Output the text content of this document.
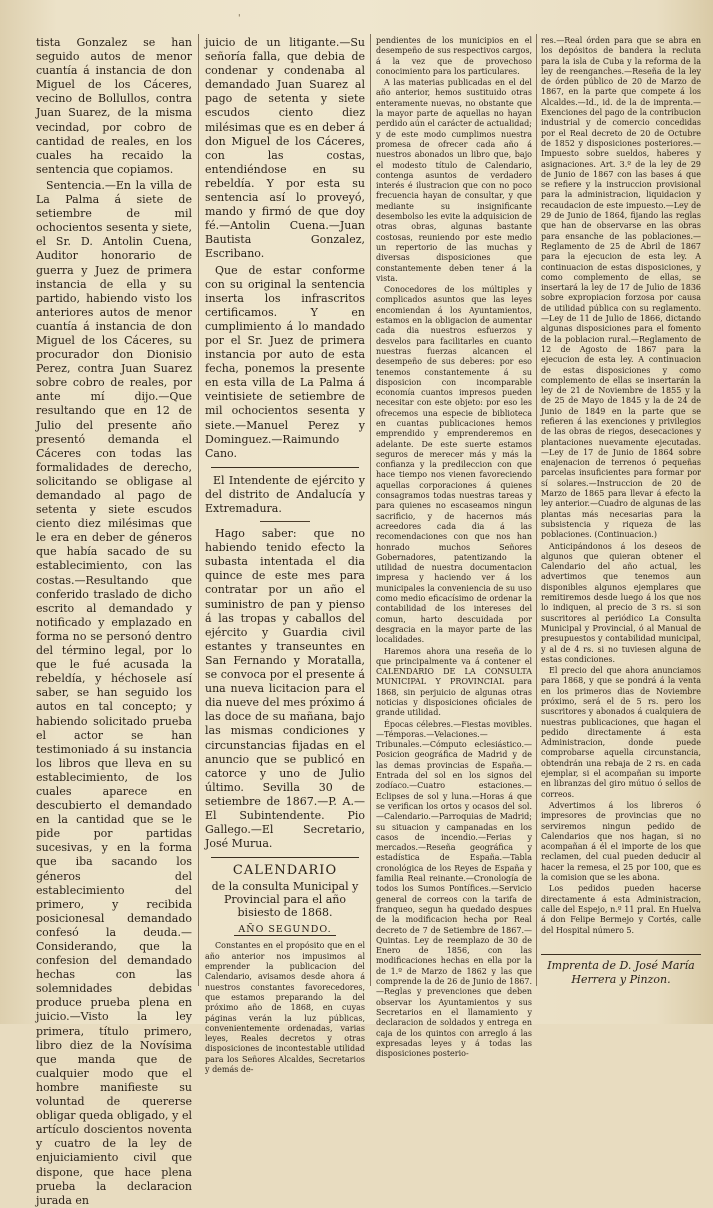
'

tista Gonzalez se han seguido autos de menor cuantía á instancia de don Miguel de los Cáceres, vecino de Bollullos, contra Juan Suarez, de la misma vecindad, por cobro de cantidad de reales, en los cuales ha recaido la sentencia que copiamos.

Sentencia.—En la villa de La Palma á siete de setiembre de mil ochocientos sesenta y siete, el Sr. D. Antolin Cuena, Auditor honorario de guerra y Juez de primera instancia de ella y su partido, habiendo visto los anteriores autos de menor cuantía á instancia de don Miguel de los Cáceres, su procurador don Dionisio Perez, contra Juan Suarez sobre cobro de reales, por ante mí dijo.—Que resultando que en 12 de Julio del presente año presentó demanda el Cáceres con todas las formalidades de derecho, solicitando se obligase al demandado al pago de setenta y siete escudos ciento diez milésimas que le era en deber de géneros que había sacado de su establecimiento, con las costas.—Resultando que conferido traslado de dicho escrito al demandado y notificado y emplazado en forma no se personó dentro del término legal, por lo que le fué acusada la rebeldía, y héchosele así saber, se han seguido los autos en tal concepto; y habiendo solicitado prueba el actor se han testimoniado á su instancia los libros que lleva en su establecimiento, de los cuales aparece en descubierto el demandado en la cantidad que se le pide por partidas sucesivas, y en la forma que iba sacando los géneros del establecimiento del primero, y recibida posicionesal demandado confesó la deuda.—Considerando, que la confesion del demandado hechas con las solemnidades debidas produce prueba plena en juicio.—Visto la ley primera, título primero, libro diez de la Novísima que manda que de cualquier modo que el hombre manifieste su voluntad de quererse obligar queda obligado, y el artículo doscientos noventa y cuatro de la ley de enjuiciamiento civil que dispone, que hace plena prueba la declaracion jurada en

juicio de un litigante.—Su señoría falla, que debia de condenar y condenaba al demandado Juan Suarez al pago de setenta y siete escudos ciento diez milésimas que es en deber á don Miguel de los Cáceres, con las costas, entendiéndose en su rebeldía. Y por esta su sentencia así lo proveyó, mando y firmó de que doy fé.—Antolin Cuena.—Juan Bautista Gonzalez, Escribano.

Que de estar conforme con su original la sentencia inserta los infrascritos certificamos. Y en cumplimiento á lo mandado por el Sr. Juez de primera instancia por auto de esta fecha, ponemos la presente en esta villa de La Palma á veintisiete de setiembre de mil ochocientos sesenta y siete.—Manuel Perez y Dominguez.—Raimundo Cano.

El Intendente de ejército y del distrito de Andalucía y Extremadura.

Hago saber: que no habiendo tenido efecto la subasta intentada el dia quince de este mes para contratar por un año el suministro de pan y pienso á las tropas y caballos del ejército y Guardia civil estantes y transeuntes en San Fernando y Moratalla, se convoca por el presente á una nueva licitacion para el dia nueve del mes próximo á las doce de su mañana, bajo las mismas condiciones y circunstancias fijadas en el anuncio que se publicó en catorce y uno de Julio último. Sevilla 30 de setiembre de 1867.—P. A.—El Subintendente. Pio Gallego.—El Secretario, José Murua.

CALENDARIO
de la consulta Municipal y Provincial para el año bisiesto de 1868.
AÑO SEGUNDO.

Constantes en el propósito que en el año anterior nos impusimos al emprender la publicacion del Calendario, avisamos desde ahora á nuestros constantes favorecedores, que estamos preparando la del próximo año de 1868, en cuyas páginas verán la luz públicas, convenientemente ordenadas, varias leyes, Reales decretos y otras disposiciones de incontestable utilidad para los Señores Alcaldes, Secretarios y demás de-

pendientes de los municipios en el desempeño de sus respectivos cargos, á la vez que de provechoso conocimiento para los particulares.

A las materias publicadas en el del año anterior, hemos sustituido otras enteramente nuevas, no obstante que la mayor parte de aquellas no hayan perdido aún el carácter de actualidad; y de este modo cumplimos nuestra promesa de ofrecer cada año á nuestros abonados un libro que, bajo el modesto título de Calendario, contenga asuntos de verdadero interés é ilustracion que con no poco frecuencia hayan de consultar, y que mediante su insignificante desembolso les evite la adquisicion de otras obras, algunas bastante costosas, reuniendo por este medio un repertorio de las muchas y diversas disposiciones que constantemente deben tener á la vista.

Conocedores de los múltiples y complicados asuntos que las leyes encomiendan á los Ayuntamientos, estamos en la obligacion de aumentar cada dia nuestros esfuerzos y desvelos para facilitarles en cuanto nuestras fuerzas alcancen el desempeño de sus deberes: por eso tenemos constantemente á su disposicion con incomparable economía cuantos impresos pueden necesitar con este objeto: por eso les ofrecemos una especie de biblioteca en cuantas publicaciones hemos emprendido y emprenderemos en adelante. De este suerte estamos seguros de merecer más y más la confianza y la predileccion con que hace tiempo nos vienen favoreciendo aquellas corporaciones á quienes consagramos todas nuestras tareas y para quienes no escaseamos ningun sacrificio, y de hacernos más acreedores cada dia á las recomendaciones con que nos han honrado muchos Señores Gobernadores, patentizando la utilidad de nuestra documentacion impresa y haciendo ver á los municipales la conveniencia de su uso como medio eficacísimo de ordenar la contabilidad de los intereses del comun, harto descuidada por desgracia en la mayor parte de las localidades.

Haremos ahora una reseña de lo que principalmente va á contener el CALENDARIO DE LA CONSULTA MUNICIPAL Y PROVINCIAL para 1868, sin perjuicio de algunas otras noticias y disposiciones oficiales de grande utilidad.

Épocas célebres.—Fiestas movibles.—Témporas.—Velaciones.—Tribunales.—Cómputo eclesiástico.—Posicion geográfica de Madrid y de las demas provincias de España.—Entrada del sol en los signos del zodíaco.—Cuatro estaciones.—Eclipses de sol y luna.—Horas á que se verifican los ortos y ocasos del sol.—Calendario.—Parroquias de Madrid; su situacion y campanadas en los casos de incendio.—Ferias y mercados.—Reseña geográfica y estadística de España.—Tabla cronológica de los Reyes de España y familia Real reinante.—Cronología de todos los Sumos Pontífices.—Servicio general de correos con la tarifa de franqueo, segun ha quedado despues de la modificacion hecha por Real decreto de 7 de Setiembre de 1867.—Quintas. Ley de reemplazo de 30 de Enero de 1856, con las modificaciones hechas en ella por la de 1.º de Marzo de 1862 y las que comprende la de 26 de Junio de 1867.—Reglas y prevenciones que deben observar los Ayuntamientos y sus Secretarios en el llamamiento y declaracion de soldados y entrega en caja de los quintos con arreglo á las expresadas leyes y á todas las disposiciones posterio-

res.—Real órden para que se abra en los depósitos de bandera la recluta para la isla de Cuba y la reforma de la ley de reenganches.—Reseña de la ley de órden público de 20 de Marzo de 1867, en la parte que compete á los Alcaldes.—Id., id. de la de imprenta.—Exenciones del pago de la contribucion industrial y de comercio concedidas por el Real decreto de 20 de Octubre de 1852 y disposiciones posteriores.—Impuesto sobre sueldos, haberes y asignaciones. Art. 3.º de la ley de 29 de Junio de 1867 con las bases á que se refiere y la instruccion provisional para la administracion, liquidacion y recaudacion de este impuesto.—Ley de 29 de Junio de 1864, fijando las reglas que han de observarse en las obras para ensanche de las poblaciones.—Reglamento de 25 de Abril de 1867 para la ejecucion de esta ley. A continuacion de estas disposiciones, y como complemento de ellas, se insertará la ley de 17 de Julio de 1836 sobre expropiacion forzosa por causa de utilidad pública con su reglamento.—Ley de 11 de Julio de 1866, dictando algunas disposiciones para el fomento de la poblacion rural.—Reglamento de 12 de Agosto de 1867 para la ejecucion de esta ley. A continuacion de estas disposiciones y como complemento de ellas se insertarán la ley de 21 de Noviembre de 1855 y la de 25 de Mayo de 1845 y la de 24 de Junio de 1849 en la parte que se refieren á las exenciones y privilegios de las obras de riegos, desecaciones y plantaciones nuevamente ejecutadas.—Ley de 17 de Junio de 1864 sobre enajenacion de terrenos ó pequeñas parcelas insuficientes para formar por sí solares.—Instruccion de 20 de Marzo de 1865 para llevar á efecto la ley anterior.—Cuadro de algunas de las plantas más necesarias para la subsistencia y riqueza de las poblaciones. (Continuacion.)

Anticipándonos á los deseos de algunos que quieran obtener el Calendario del año actual, les advertimos que tenemos aun disponibles algunos ejemplares que remitiremos desde luego á los que nos lo indiquen, al precio de 3 rs. si son suscritores al periódico La Consulta Municipal y Provincial, ó al Manual de presupuestos y contabilidad municipal, y al de 4 rs. si no tuviesen alguna de estas condiciones.

El precio del que ahora anunciamos para 1868, y que se pondrá á la venta en los primeros dias de Noviembre próximo, será el de 5 rs. pero los suscritores y abonados á cualquiera de nuestras publicaciones, que hagan el pedido directamente á esta Administracion, donde puede comprobarse aquella circunstancia, obtendrán una rebaja de 2 rs. en cada ejemplar, si el acompañan su importe en libranzas del giro mútuo ó sellos de correos.

Advertimos á los libreros ó impresores de provincias que no serviremos ningun pedido de Calendarios que nos hagan, si no acompañan á él el importe de los que reclamen, del cual pueden deducir al hacer la remesa, el 25 por 100, que es la comision que se les abona.

Los pedidos pueden hacerse directamente á esta Administracion, calle del Espejo, n.º 11 pral. En Huelva á don Felipe Bermejo y Cortés, calle del Hospital número 5.

Imprenta de D. José María Herrera y Pinzon.
